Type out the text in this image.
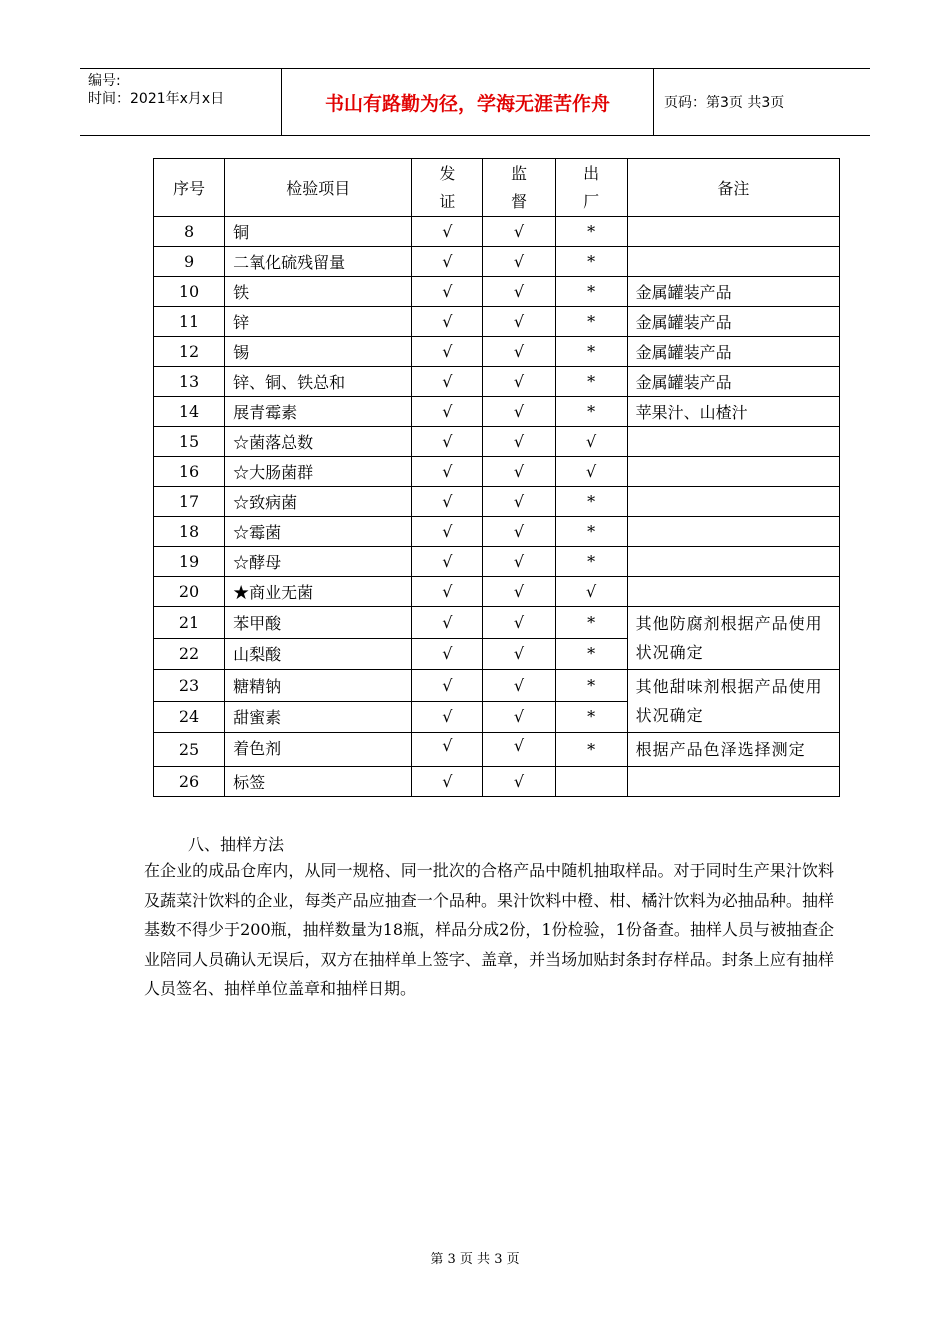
编号:
时间：2021年x月x日	书山有路勤为径，学海无涯苦作舟	页码：第3页 共3页
序号	检验项目	发证	监督	出厂	备注
8	铜	√	√	*	
9	二氧化硫残留量	√	√	*	
10	铁	√	√	*	金属罐装产品
11	锌	√	√	*	金属罐装产品
12	锡	√	√	*	金属罐装产品
13	锌、铜、铁总和	√	√	*	金属罐装产品
14	展青霉素	√	√	*	苹果汁、山楂汁
15	☆菌落总数	√	√	√	
16	☆大肠菌群	√	√	√	
17	☆致病菌	√	√	*	
18	☆霉菌	√	√	*	
19	☆酵母	√	√	*	
20	★商业无菌	√	√	√	
21	苯甲酸	√	√	*	其他防腐剂根据产品使用状况确定
22	山梨酸	√	√	*	
23	糖精钠	√	√	*	其他甜味剂根据产品使用状况确定
24	甜蜜素	√	√	*	
25	着色剂	√	√	*	根据产品色泽选择测定
26	标签	√	√		
八、抽样方法
在企业的成品仓库内，从同一规格、同一批次的合格产品中随机抽取样品。对于同时生产果汁饮料及蔬菜汁饮料的企业，每类产品应抽查一个品种。果汁饮料中橙、柑、橘汁饮料为必抽品种。抽样基数不得少于200瓶，抽样数量为18瓶，样品分成2份，1份检验，1份备查。抽样人员与被抽查企业陪同人员确认无误后，双方在抽样单上签字、盖章，并当场加贴封条封存样品。封条上应有抽样人员签名、抽样单位盖章和抽样日期。
第 3 页 共 3 页
